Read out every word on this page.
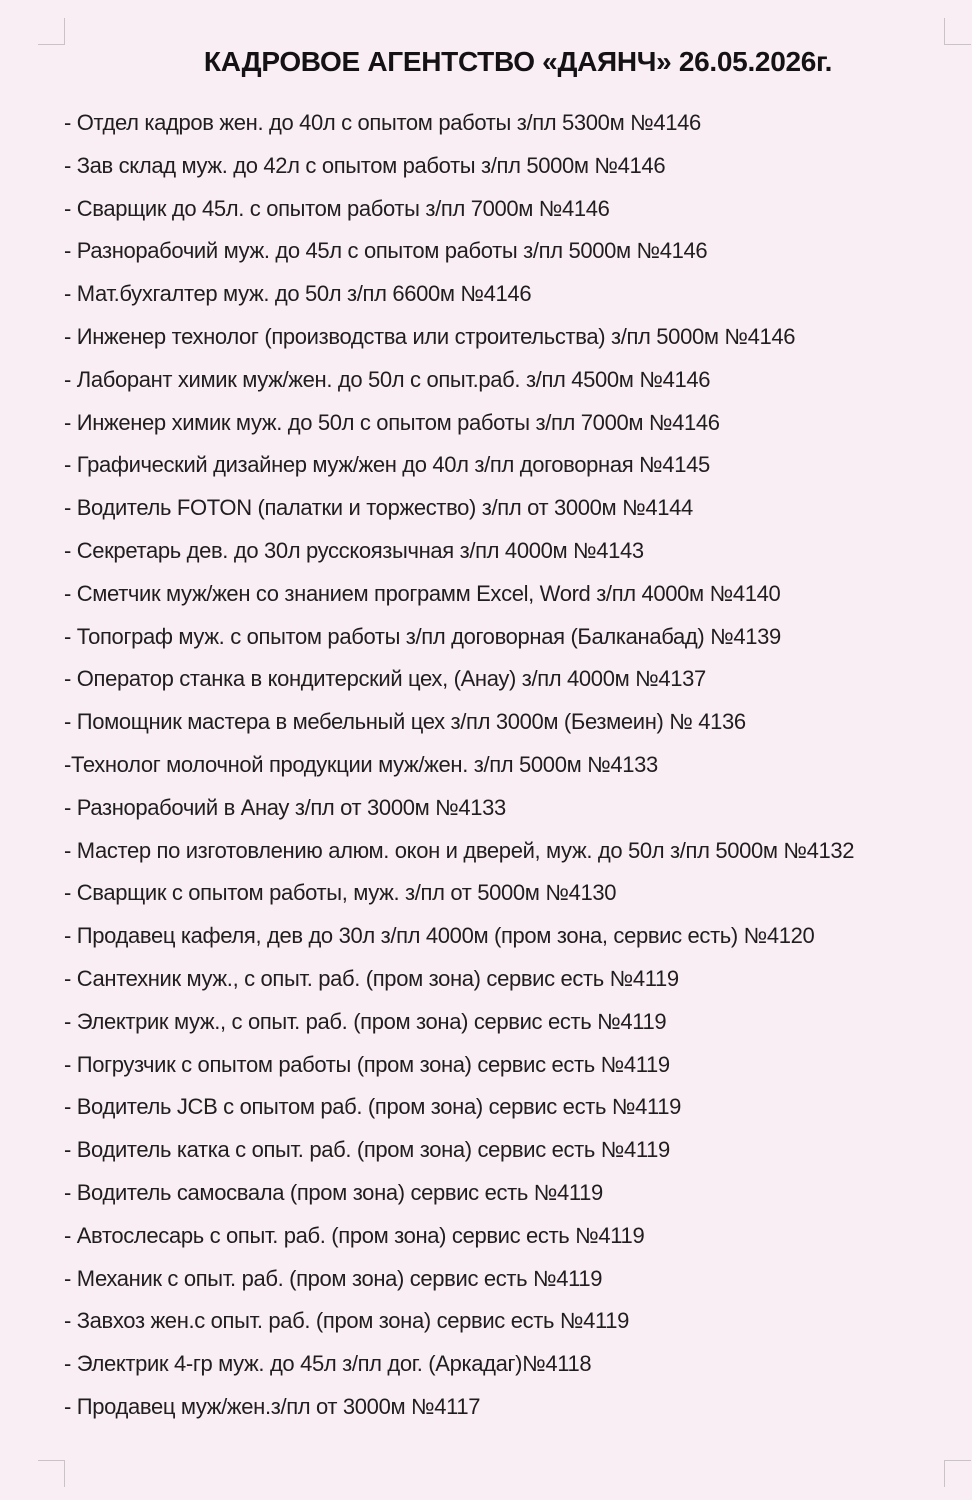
КАДРОВОЕ АГЕНТСТВО «ДАЯНЧ» 26.05.2026г.
- Отдел кадров жен. до 40л с опытом работы з/пл 5300м №4146
- Зав склад муж. до 42л с опытом работы з/пл 5000м №4146
- Сварщик до 45л. с опытом работы з/пл 7000м №4146
- Разнорабочий муж. до 45л с опытом работы з/пл 5000м №4146
- Мат.бухгалтер муж. до 50л з/пл 6600м №4146
- Инженер технолог (производства или строительства) з/пл 5000м №4146
- Лаборант химик муж/жен. до 50л с опыт.раб. з/пл 4500м №4146
- Инженер химик муж. до 50л с опытом работы з/пл 7000м №4146
- Графический дизайнер муж/жен до 40л з/пл договорная №4145
- Водитель FOTON (палатки и торжество) з/пл от 3000м №4144
- Секретарь дев. до 30л русскоязычная з/пл 4000м №4143
- Сметчик муж/жен со знанием программ Excel, Word з/пл 4000м №4140
- Топограф муж. с опытом работы з/пл договорная (Балканабад) №4139
- Оператор станка в кондитерский цех, (Анау) з/пл 4000м №4137
- Помощник мастера в мебельный цех з/пл 3000м (Безмеин) № 4136
-Технолог молочной продукции муж/жен. з/пл 5000м №4133
- Разнорабочий в Анау з/пл от 3000м №4133
- Мастер по изготовлению алюм. окон и дверей, муж. до 50л з/пл 5000м №4132
- Сварщик с опытом работы, муж. з/пл от 5000м №4130
- Продавец кафеля, дев до 30л з/пл 4000м (пром зона, сервис есть) №4120
- Сантехник муж., с опыт. раб. (пром зона) сервис есть №4119
- Электрик муж., с опыт. раб. (пром зона) сервис есть №4119
- Погрузчик с опытом работы (пром зона) сервис есть №4119
- Водитель JCB с опытом раб. (пром зона) сервис есть №4119
- Водитель катка с опыт. раб. (пром зона) сервис есть №4119
- Водитель самосвала (пром зона) сервис есть №4119
- Автослесарь с опыт. раб. (пром зона) сервис есть №4119
- Механик с опыт. раб. (пром зона) сервис есть №4119
- Завхоз жен.с опыт. раб. (пром зона) сервис есть №4119
- Электрик 4-гр муж. до 45л з/пл дог. (Аркадаг)№4118
- Продавец муж/жен.з/пл от 3000м №4117
